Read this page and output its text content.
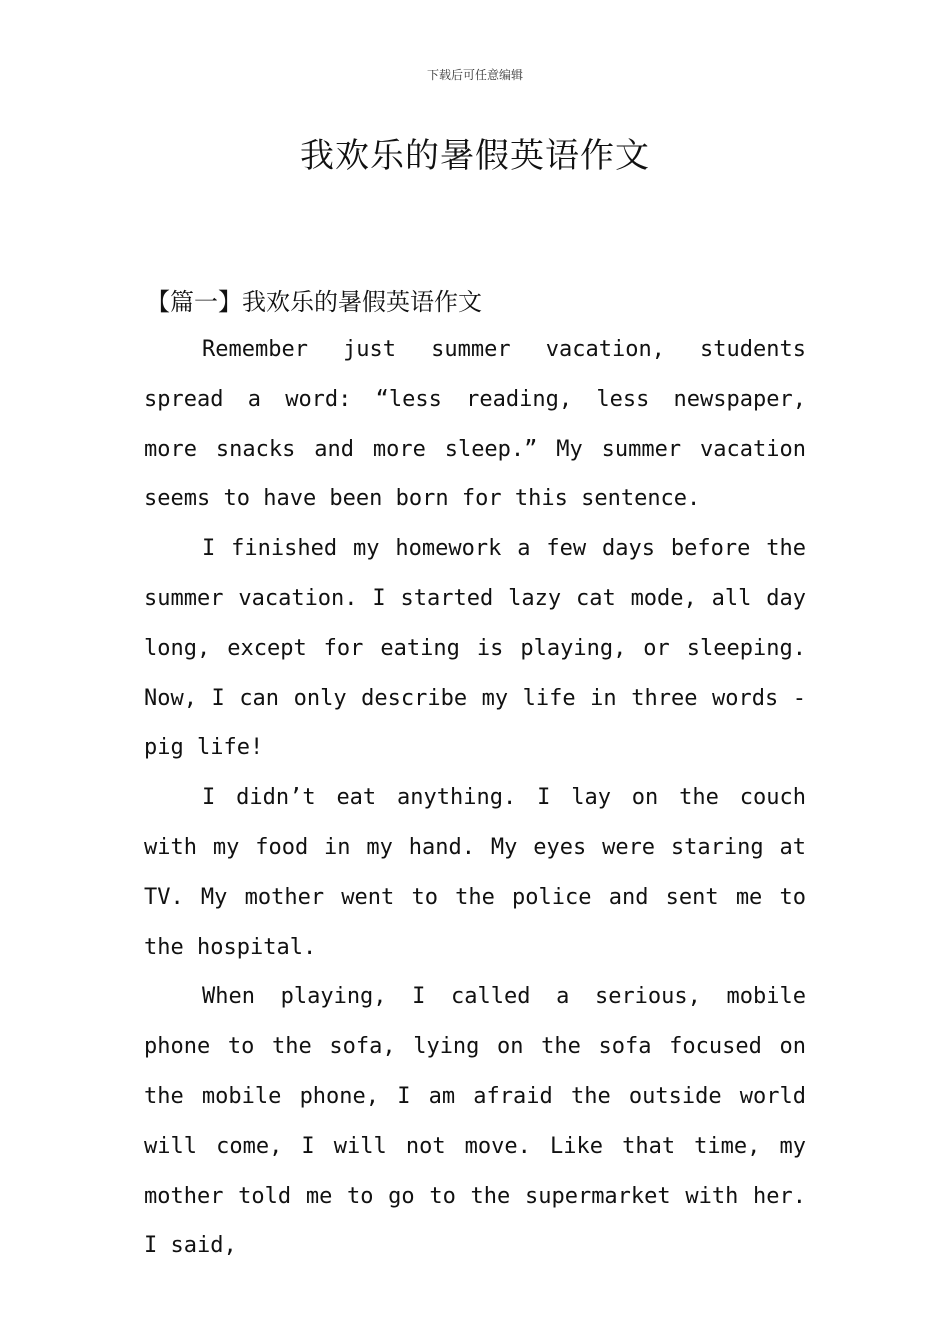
下载后可任意编辑
我欢乐的暑假英语作文
【篇一】我欢乐的暑假英语作文

Remember just summer vacation, students spread a word: “less reading, less newspaper, more snacks and more sleep.” My summer vacation seems to have been born for this sentence.

I finished my homework a few days before the summer vacation. I started lazy cat mode, all day long, except for eating is playing, or sleeping. Now, I can only describe my life in three words - pig life!

I didn’t eat anything. I lay on the couch with my food in my hand. My eyes were staring at TV. My mother went to the police and sent me to the hospital.

When playing, I called a serious, mobile phone to the sofa, lying on the sofa focused on the mobile phone, I am afraid the outside world will come, I will not move. Like that time, my mother told me to go to the supermarket with her. I said,
